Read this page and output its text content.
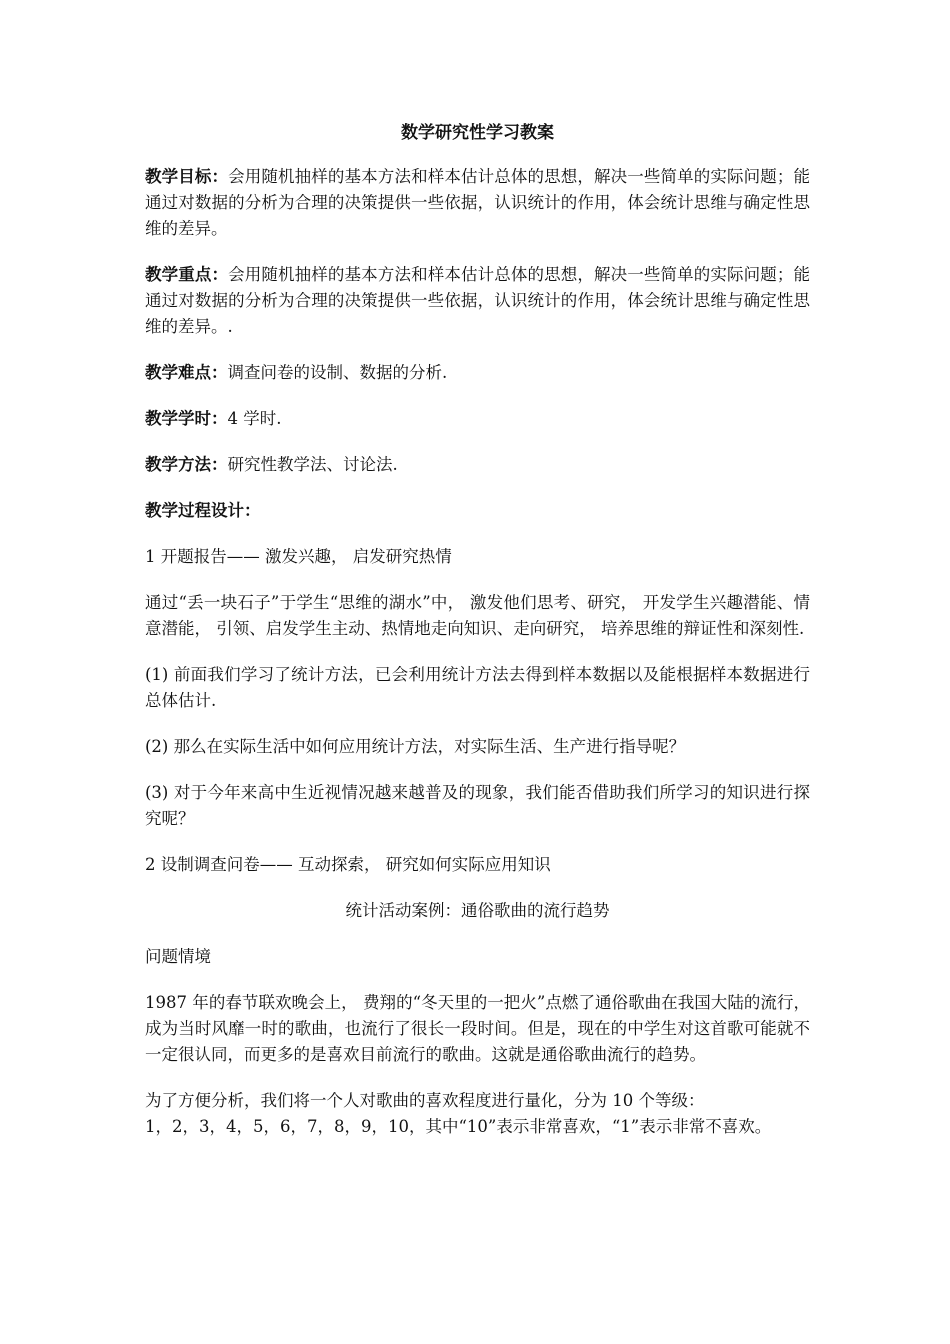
数学研究性学习教案

教学目标：会用随机抽样的基本方法和样本估计总体的思想，解决一些简单的实际问题；能通过对数据的分析为合理的决策提供一些依据，认识统计的作用，体会统计思维与确定性思维的差异。

教学重点：会用随机抽样的基本方法和样本估计总体的思想，解决一些简单的实际问题；能通过对数据的分析为合理的决策提供一些依据，认识统计的作用，体会统计思维与确定性思维的差异。.

教学难点：调查问卷的设制、数据的分析.

教学学时：4 学时.

教学方法：研究性教学法、讨论法.

教学过程设计：

1 开题报告—— 激发兴趣， 启发研究热情

通过“丢一块石子”于学生“思维的湖水”中， 激发他们思考、研究， 开发学生兴趣潜能、情意潜能， 引领、启发学生主动、热情地走向知识、走向研究， 培养思维的辩证性和深刻性.

(1) 前面我们学习了统计方法，已会利用统计方法去得到样本数据以及能根据样本数据进行总体估计.

(2) 那么在实际生活中如何应用统计方法，对实际生活、生产进行指导呢？

(3) 对于今年来高中生近视情况越来越普及的现象，我们能否借助我们所学习的知识进行探究呢？

2 设制调查问卷—— 互动探索， 研究如何实际应用知识

统计活动案例：通俗歌曲的流行趋势

问题情境

1987 年的春节联欢晚会上， 费翔的“冬天里的一把火”点燃了通俗歌曲在我国大陆的流行，成为当时风靡一时的歌曲，也流行了很长一段时间。但是，现在的中学生对这首歌可能就不一定很认同，而更多的是喜欢目前流行的歌曲。这就是通俗歌曲流行的趋势。

为了方便分析，我们将一个人对歌曲的喜欢程度进行量化，分为 10 个等级：

1，2，3，4，5，6，7，8，9，10，其中“10”表示非常喜欢，“1”表示非常不喜欢。
